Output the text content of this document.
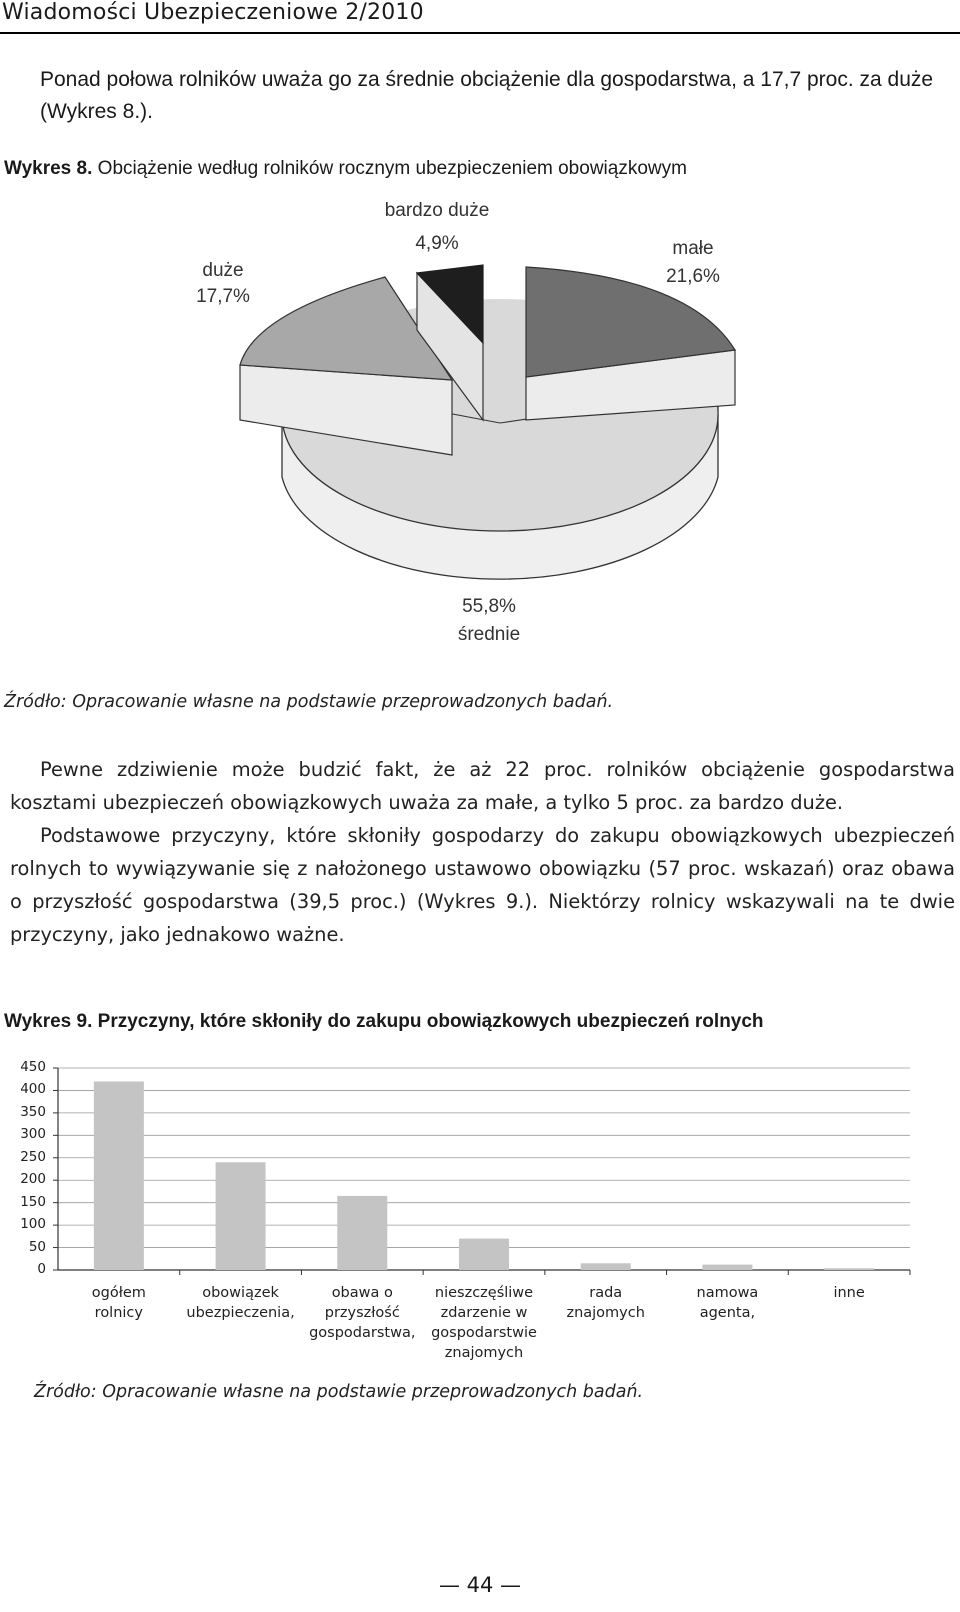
Wiadomości Ubezpieczeniowe 2/2010
Ponad połowa rolników uważa go za średnie obciążenie dla gospodarstwa, a 17,7 proc. za duże (Wykres 8.).
Wykres 8. Obciążenie według rolników rocznym ubezpieczeniem obowiązkowym
bardzo duże
4,9%
duże
17,7%
małe
21,6%
55,8%
średnie
Źródło: Opracowanie własne na podstawie przeprowadzonych badań.

Pewne zdziwienie może budzić fakt, że aż 22 proc. rolników obciążenie gospodarstwa kosztami ubezpieczeń obowiązkowych uważa za małe, a tylko 5 proc. za bardzo duże.

Podstawowe przyczyny, które skłoniły gospodarzy do zakupu obowiązkowych ubezpieczeń rolnych to wywiązywanie się z nałożonego ustawowo obowiązku (57 proc. wskazań) oraz obawa o przyszłość gospodarstwa (39,5 proc.) (Wykres 9.). Niektórzy rolnicy wskazywali na te dwie przyczyny, jako jednakowo ważne.

Wykres 9. Przyczyny, które skłoniły do zakupu obowiązkowych ubezpieczeń rolnych
0
50
100
150
200
250
300
350
400
450
ogółem
rolnicy
obowiązek
ubezpieczenia,
obawa o
przyszłość
gospodarstwa,
nieszczęśliwe
zdarzenie w
gospodarstwie
znajomych
rada
znajomych
namowa
agenta,
inne
Źródło: Opracowanie własne na podstawie przeprowadzonych badań.
— 44 —
